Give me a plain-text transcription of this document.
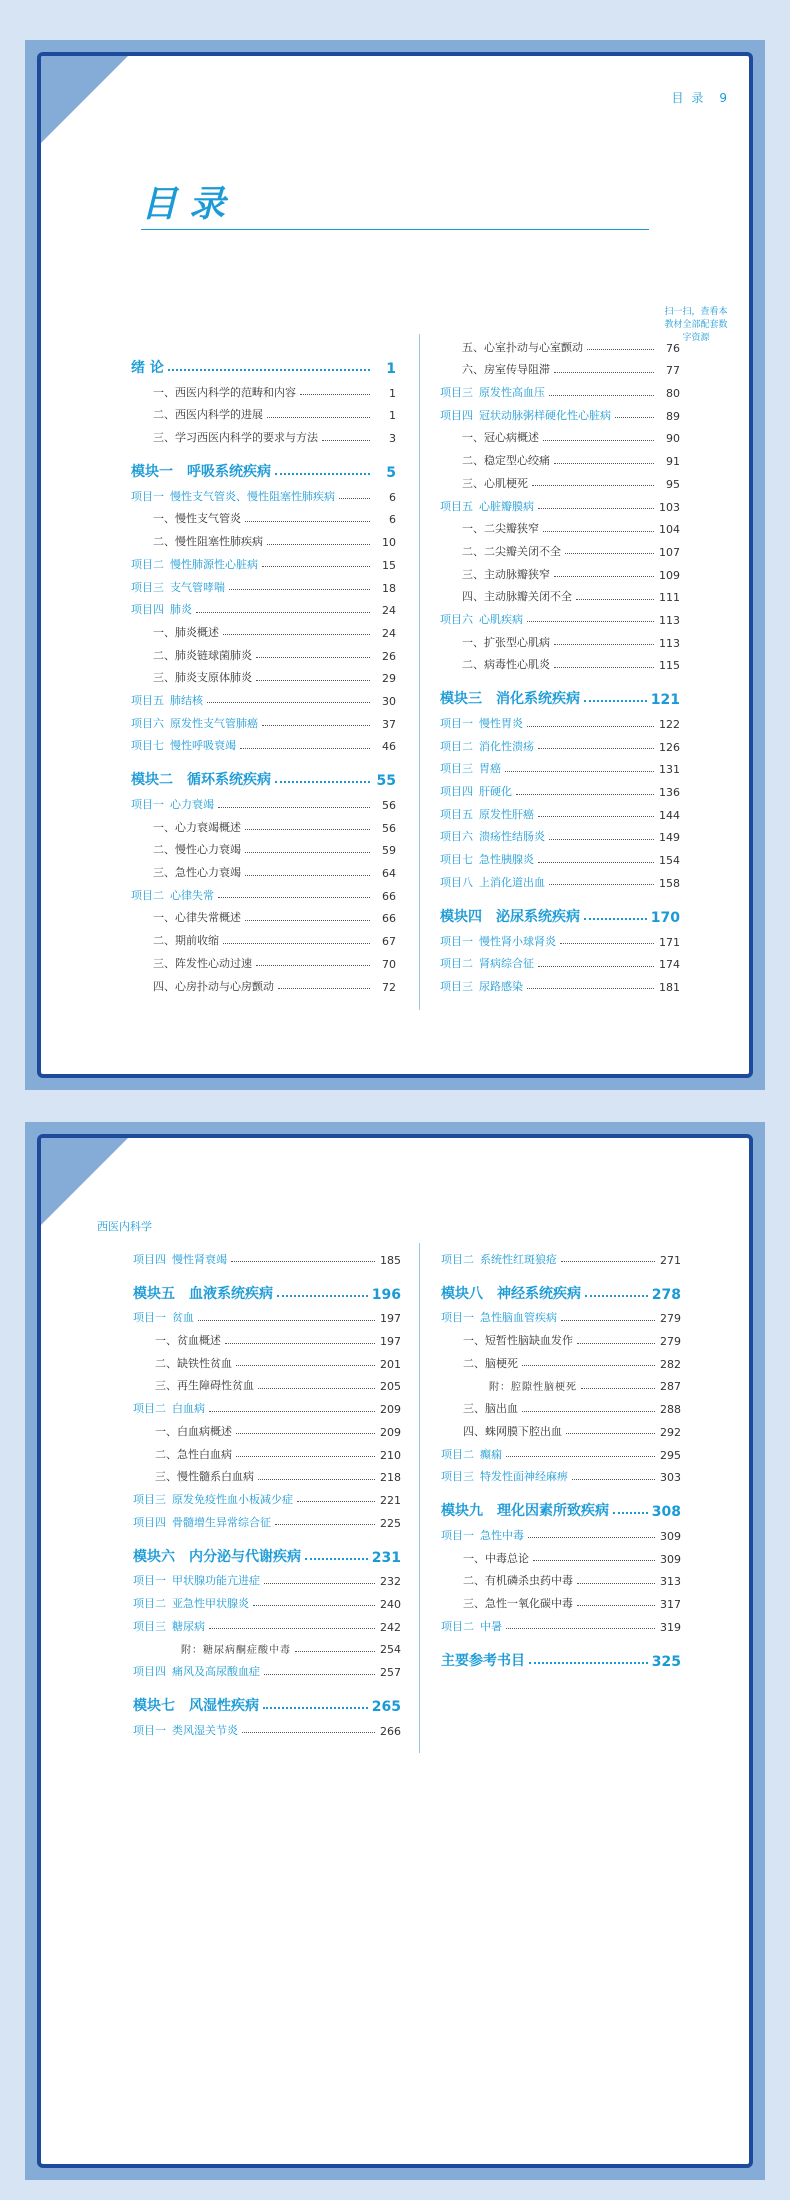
目 录 9
目录
扫一扫，查看本教材全部配套数字资源
绪 论	1
一、西医内科学的范畴和内容	1
二、西医内科学的进展	1
三、学习西医内科学的要求与方法	3
模块一 呼吸系统疾病	5
项目一 慢性支气管炎、慢性阻塞性肺疾病	6
一、慢性支气管炎	6
二、慢性阻塞性肺疾病	10
项目二 慢性肺源性心脏病	15
项目三 支气管哮喘	18
项目四 肺炎	24
一、肺炎概述	24
二、肺炎链球菌肺炎	26
三、肺炎支原体肺炎	29
项目五 肺结核	30
项目六 原发性支气管肺癌	37
项目七 慢性呼吸衰竭	46
模块二 循环系统疾病	55
项目一 心力衰竭	56
一、心力衰竭概述	56
二、慢性心力衰竭	59
三、急性心力衰竭	64
项目二 心律失常	66
一、心律失常概述	66
二、期前收缩	67
三、阵发性心动过速	70
四、心房扑动与心房颤动	72
五、心室扑动与心室颤动	76
六、房室传导阻滞	77
项目三 原发性高血压	80
项目四 冠状动脉粥样硬化性心脏病	89
一、冠心病概述	90
二、稳定型心绞痛	91
三、心肌梗死	95
项目五 心脏瓣膜病	103
一、二尖瓣狭窄	104
二、二尖瓣关闭不全	107
三、主动脉瓣狭窄	109
四、主动脉瓣关闭不全	111
项目六 心肌疾病	113
一、扩张型心肌病	113
二、病毒性心肌炎	115
模块三 消化系统疾病	121
项目一 慢性胃炎	122
项目二 消化性溃疡	126
项目三 胃癌	131
项目四 肝硬化	136
项目五 原发性肝癌	144
项目六 溃疡性结肠炎	149
项目七 急性胰腺炎	154
项目八 上消化道出血	158
模块四 泌尿系统疾病	170
项目一 慢性肾小球肾炎	171
项目二 肾病综合征	174
项目三 尿路感染	181
西医内科学
项目四 慢性肾衰竭	185
模块五 血液系统疾病	196
项目一 贫血	197
一、贫血概述	197
二、缺铁性贫血	201
三、再生障碍性贫血	205
项目二 白血病	209
一、白血病概述	209
二、急性白血病	210
三、慢性髓系白血病	218
项目三 原发免疫性血小板减少症	221
项目四 骨髓增生异常综合征	225
模块六 内分泌与代谢疾病	231
项目一 甲状腺功能亢进症	232
项目二 亚急性甲状腺炎	240
项目三 糖尿病	242
附：糖尿病酮症酸中毒	254
项目四 痛风及高尿酸血症	257
模块七 风湿性疾病	265
项目一 类风湿关节炎	266
项目二 系统性红斑狼疮	271
模块八 神经系统疾病	278
项目一 急性脑血管疾病	279
一、短暂性脑缺血发作	279
二、脑梗死	282
附：腔隙性脑梗死	287
三、脑出血	288
四、蛛网膜下腔出血	292
项目二 癫痫	295
项目三 特发性面神经麻痹	303
模块九 理化因素所致疾病	308
项目一 急性中毒	309
一、中毒总论	309
二、有机磷杀虫药中毒	313
三、急性一氧化碳中毒	317
项目二 中暑	319
主要参考书目	325
